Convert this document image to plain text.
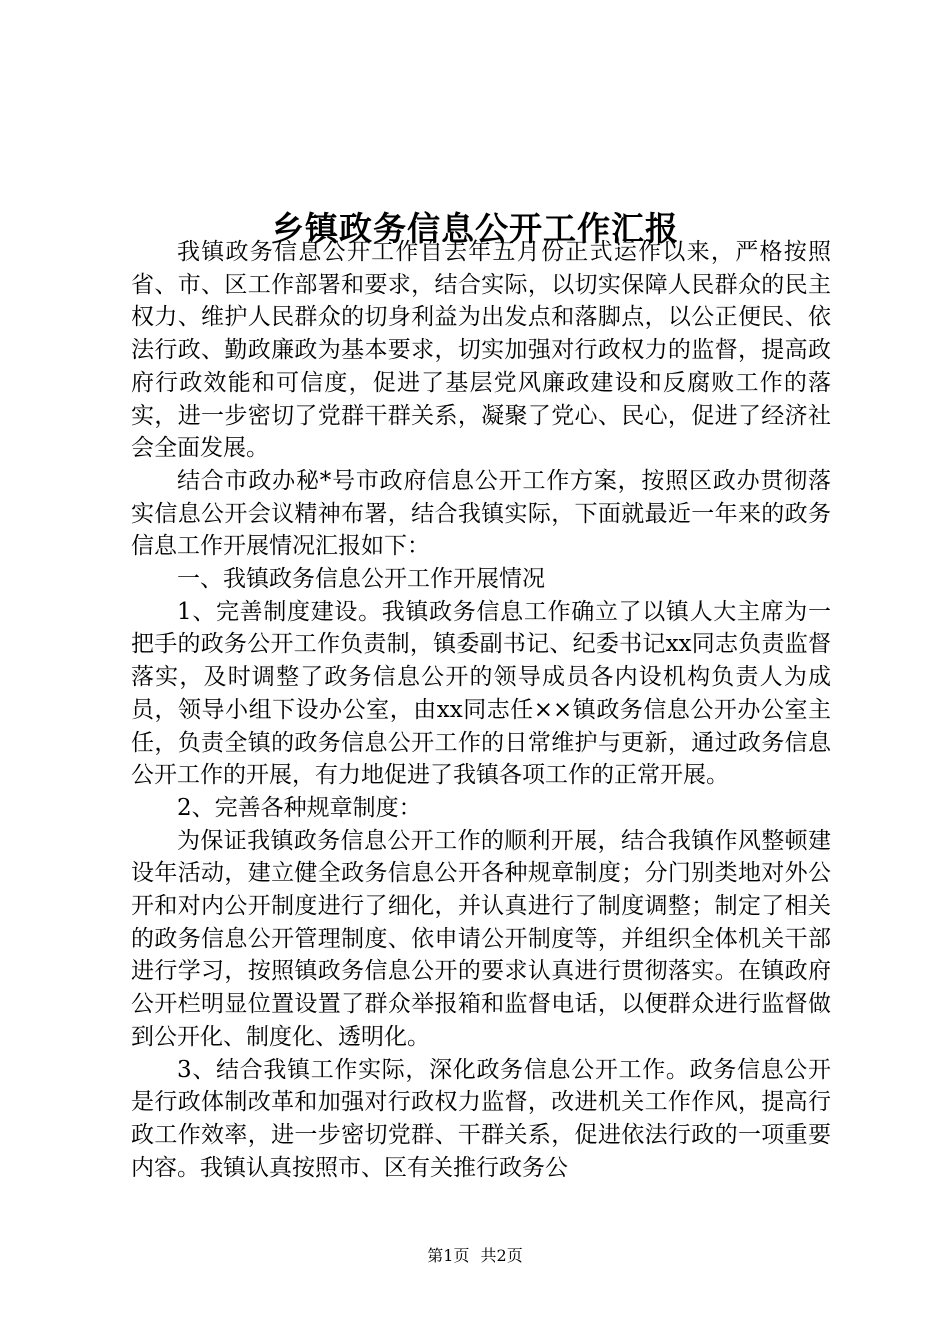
乡镇政务信息公开工作汇报

我镇政务信息公开工作自去年五月份正式运作以来，严格按照省、市、区工作部署和要求，结合实际，以切实保障人民群众的民主权力、维护人民群众的切身利益为出发点和落脚点，以公正便民、依法行政、勤政廉政为基本要求，切实加强对行政权力的监督，提高政府行政效能和可信度，促进了基层党风廉政建设和反腐败工作的落实，进一步密切了党群干群关系，凝聚了党心、民心，促进了经济社会全面发展。

结合市政办秘*号市政府信息公开工作方案，按照区政办贯彻落实信息公开会议精神布署，结合我镇实际，下面就最近一年来的政务信息工作开展情况汇报如下：

一、我镇政务信息公开工作开展情况

1、完善制度建设。我镇政务信息工作确立了以镇人大主席为一把手的政务公开工作负责制，镇委副书记、纪委书记xx同志负责监督落实，及时调整了政务信息公开的领导成员各内设机构负责人为成员，领导小组下设办公室，由xx同志任××镇政务信息公开办公室主任，负责全镇的政务信息公开工作的日常维护与更新，通过政务信息公开工作的开展，有力地促进了我镇各项工作的正常开展。

2、完善各种规章制度：

为保证我镇政务信息公开工作的顺利开展，结合我镇作风整顿建设年活动，建立健全政务信息公开各种规章制度；分门别类地对外公开和对内公开制度进行了细化，并认真进行了制度调整；制定了相关的政务信息公开管理制度、依申请公开制度等，并组织全体机关干部进行学习，按照镇政务信息公开的要求认真进行贯彻落实。在镇政府公开栏明显位置设置了群众举报箱和监督电话，以便群众进行监督做到公开化、制度化、透明化。

3、结合我镇工作实际，深化政务信息公开工作。政务信息公开是行政体制改革和加强对行政权力监督，改进机关工作作风，提高行政工作效率，进一步密切党群、干群关系，促进依法行政的一项重要内容。我镇认真按照市、区有关推行政务公

第1页 共2页
